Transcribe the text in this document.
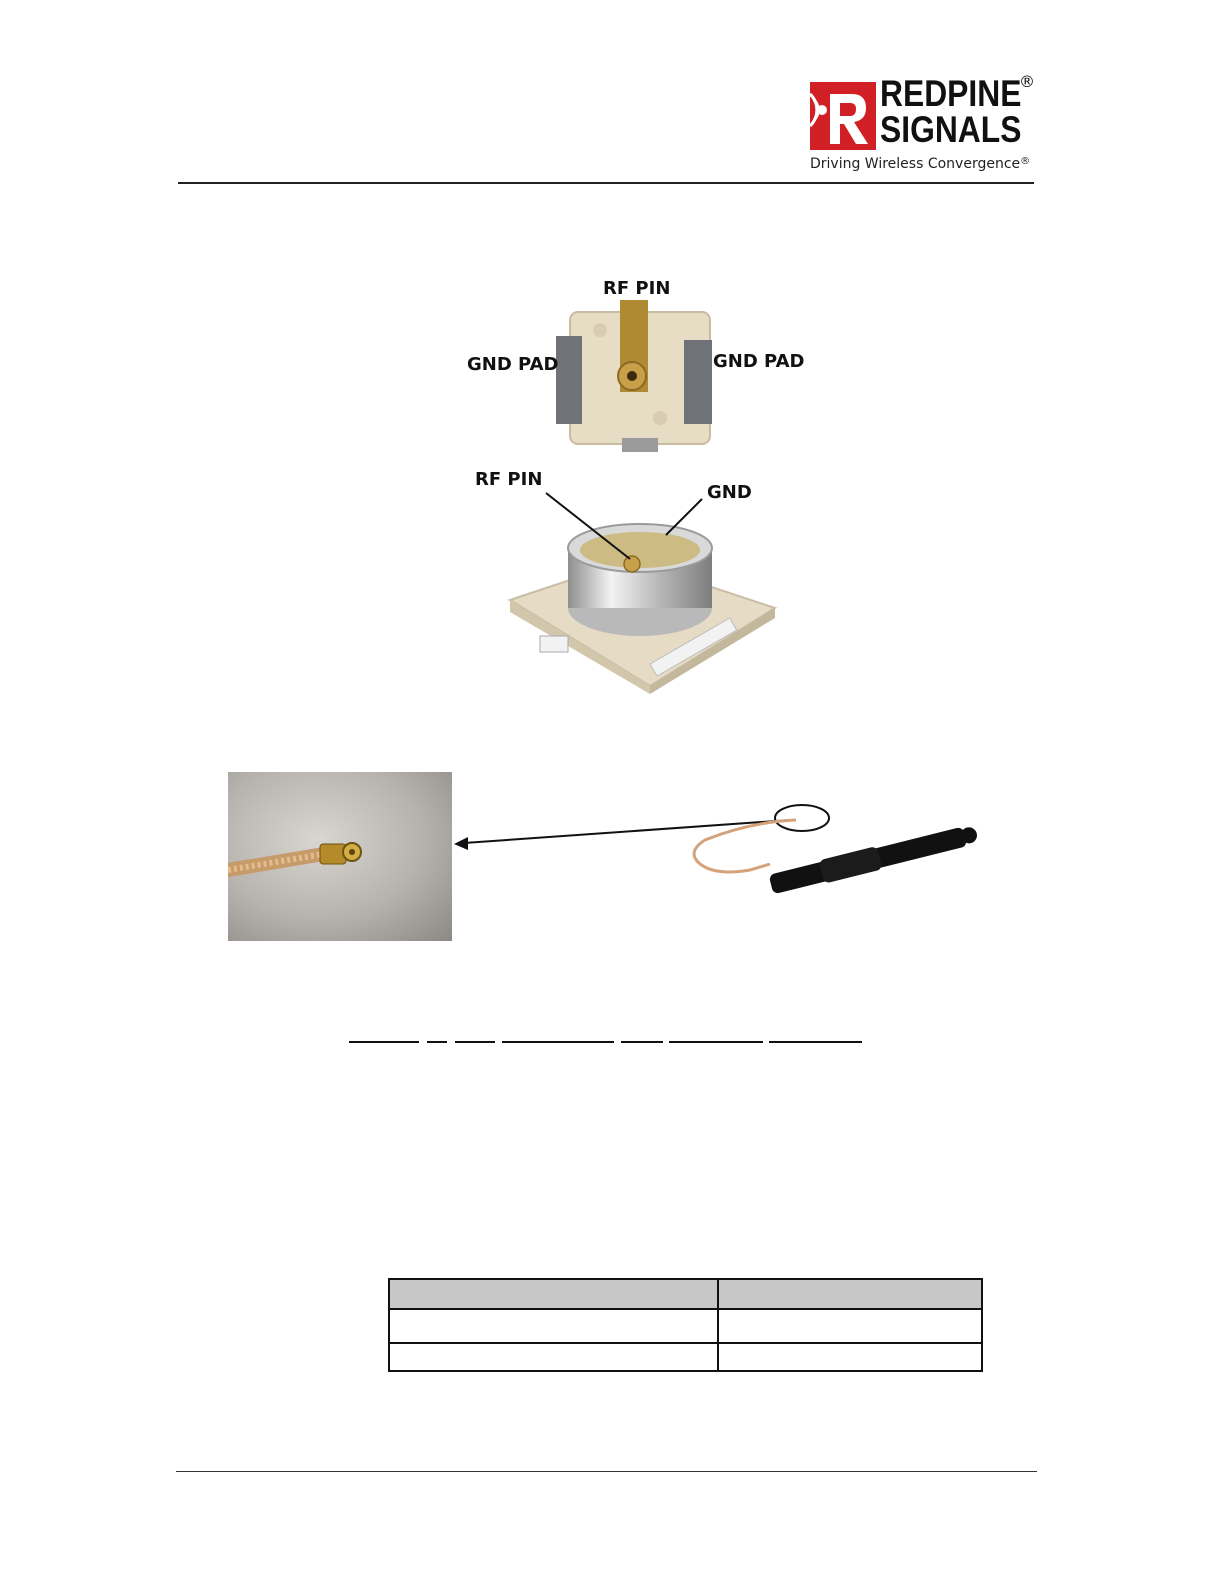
REDPINE
SIGNALS
®
Driving Wireless Convergence®
RF PIN
GND PAD	GND PAD
RF PIN
GND
